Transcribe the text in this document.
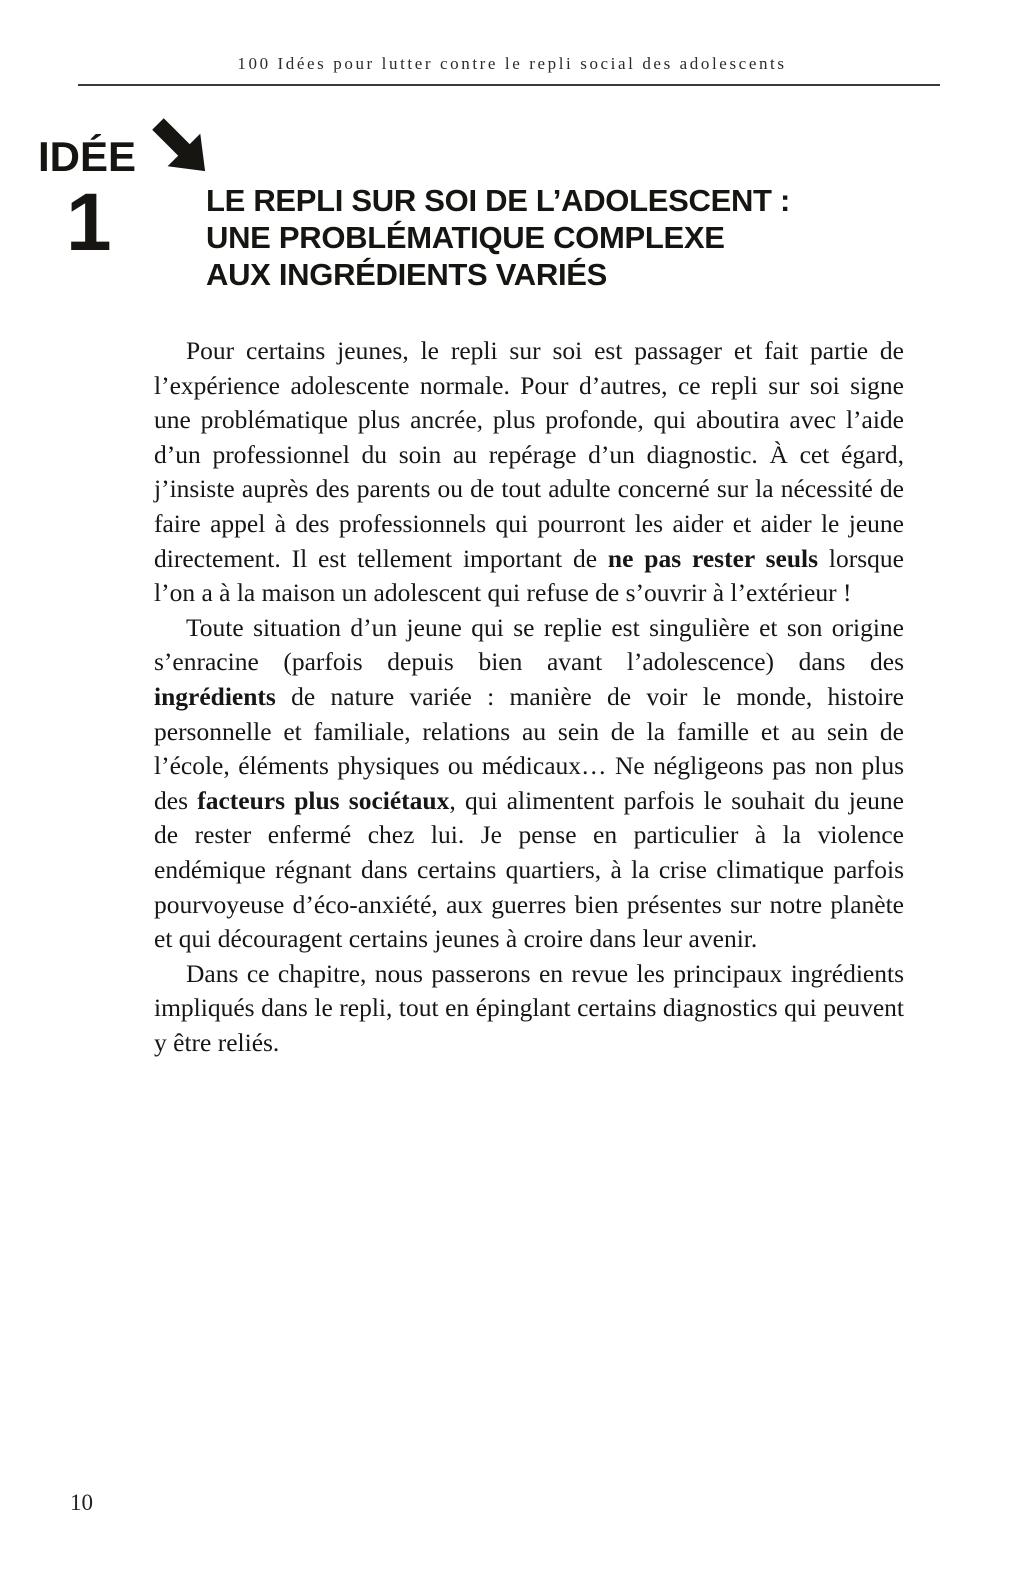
100 Idées pour lutter contre le repli social des adolescents
IDÉE
1	LE REPLI SUR SOI DE L’ADOLESCENT :
UNE PROBLÉMATIQUE COMPLEXE
AUX INGRÉDIENTS VARIÉS

Pour certains jeunes, le repli sur soi est passager et fait partie de l’expérience adolescente normale. Pour d’autres, ce repli sur soi signe une problématique plus ancrée, plus profonde, qui aboutira avec l’aide d’un professionnel du soin au repérage d’un diagnostic. À cet égard, j’insiste auprès des parents ou de tout adulte concerné sur la nécessité de faire appel à des professionnels qui pourront les aider et aider le jeune directement. Il est tellement important de ne pas rester seuls lorsque l’on a à la maison un adolescent qui refuse de s’ouvrir à l’extérieur !

Toute situation d’un jeune qui se replie est singulière et son origine s’enracine (parfois depuis bien avant l’adolescence) dans des ingrédients de nature variée : manière de voir le monde, histoire personnelle et familiale, relations au sein de la famille et au sein de l’école, éléments physiques ou médicaux… Ne négligeons pas non plus des facteurs plus sociétaux, qui alimentent parfois le souhait du jeune de rester enfermé chez lui. Je pense en particulier à la violence endémique régnant dans certains quartiers, à la crise climatique parfois pourvoyeuse d’éco-anxiété, aux guerres bien présentes sur notre planète et qui découragent certains jeunes à croire dans leur avenir.

Dans ce chapitre, nous passerons en revue les principaux ingrédients impliqués dans le repli, tout en épinglant certains diagnostics qui peuvent y être reliés.

10
